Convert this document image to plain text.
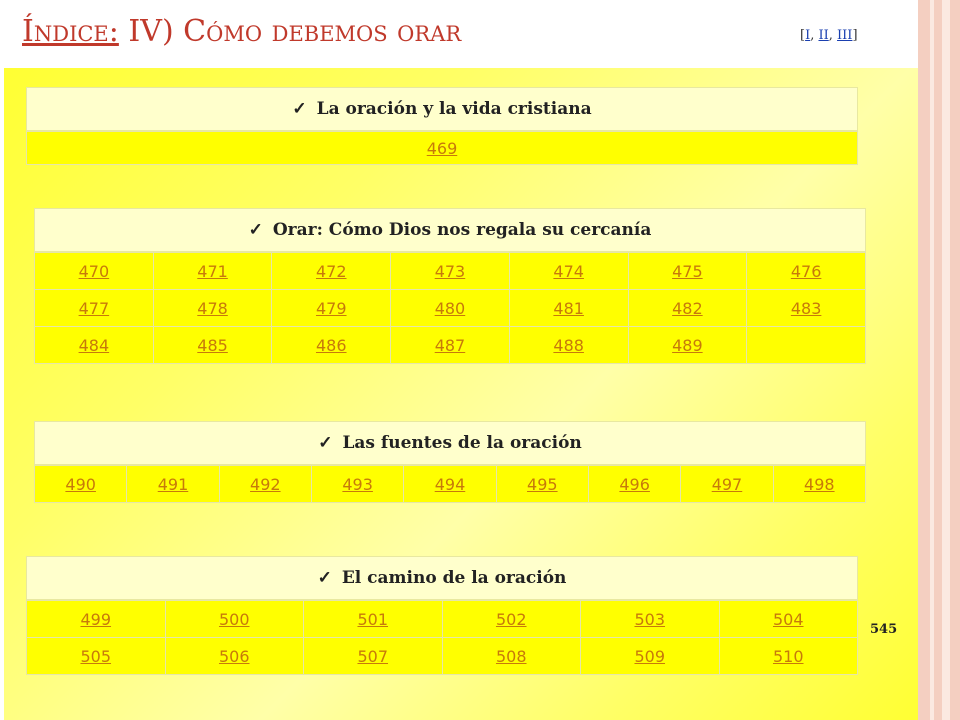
Índice: IV) Cómo debemos orar	[I, II, III]
✓ La oración y la vida cristiana
469
✓ Orar: Cómo Dios nos regala su cercanía
470	471	472	473	474	475	476
477	478	479	480	481	482	483
484	485	486	487	488	489	
✓ Las fuentes de la oración
490	491	492	493	494	495	496	497	498
✓ El camino de la oración
499	500	501	502	503	504
505	506	507	508	509	510
545
